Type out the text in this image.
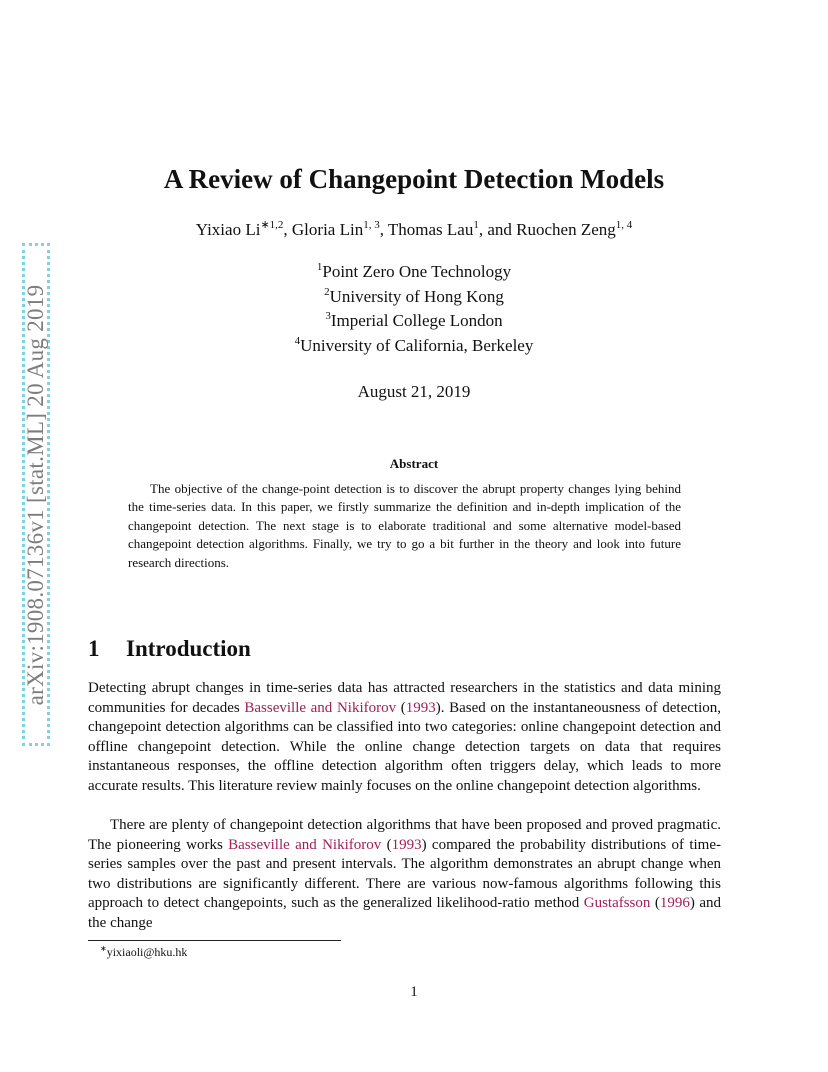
arXiv:1908.07136v1 [stat.ML] 20 Aug 2019
A Review of Changepoint Detection Models
Yixiao $Li^{∗1,2}$, Gloria Lin$^{1, 3}$, Thomas Lau$^1$, and Ruochen Zeng$^{1, 4}$
$^1$Point Zero One Technology
$^2$University of Hong Kong
$^3$Imperial College London
$^4$University of California, Berkeley
August 21, 2019
Abstract

The objective of the change-point detection is to discover the abrupt property changes lying behind the time-series data. In this paper, we firstly summarize the definition and in-depth implication of the changepoint detection. The next stage is to elaborate traditional and some alternative model-based changepoint detection algorithms. Finally, we try to go a bit further in the theory and look into future research directions.

1 Introduction

Detecting abrupt changes in time-series data has attracted researchers in the statistics and data mining communities for decades Basseville and Nikiforov (1993). Based on the instantaneousness of detection, changepoint detection algorithms can be classified into two categories: online changepoint detection and offline changepoint detection. While the online change detection targets on data that requires instantaneous responses, the offline detection algorithm often triggers delay, which leads to more accurate results. This literature review mainly focuses on the online changepoint detection algorithms.

There are plenty of changepoint detection algorithms that have been proposed and proved pragmatic. The pioneering works Basseville and Nikiforov (1993) compared the probability distributions of time-series samples over the past and present intervals. The algorithm demonstrates an abrupt change when two distributions are significantly different. There are various now-famous algorithms following this approach to detect changepoints, such as the generalized likelihood-ratio method Gustafsson (1996) and the change

∗yixiaoli@hku.hk
1
